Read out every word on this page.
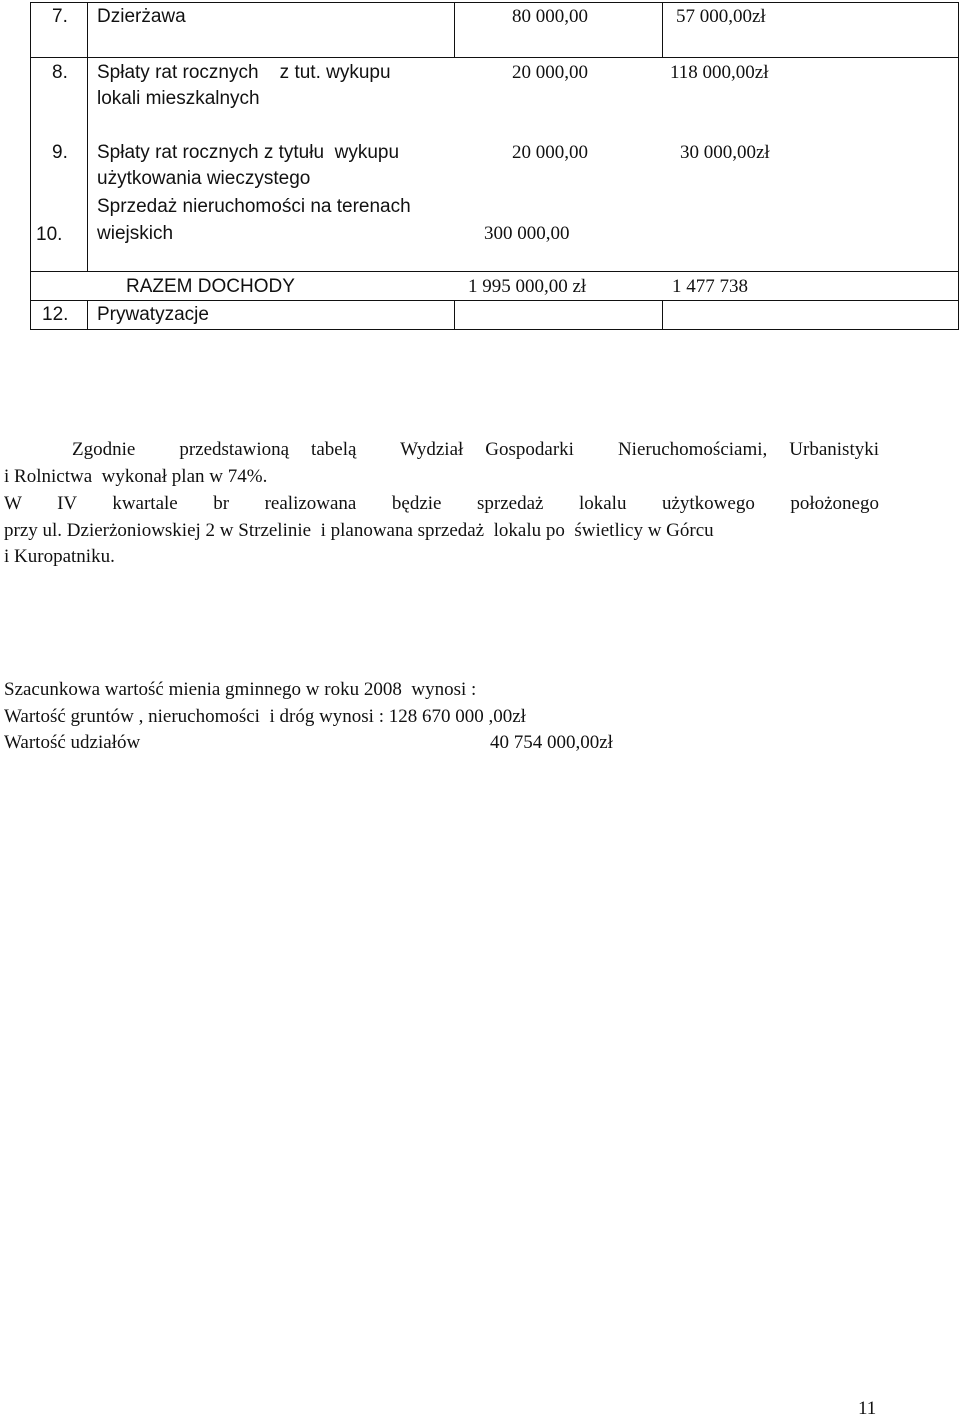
7. Dzierżawa	80 000,00	57 000,00zł
8. Spłaty rat rocznych    z tut. wykupu
lokali mieszkalnych
20 000,00	118 000,00zł
9. Spłaty rat rocznych z tytułu  wykupu
użytkowania wieczystego
20 000,00	30 000,00zł
10.
Sprzedaż nieruchomości na terenach
wiejskich	300 000,00
RAZEM DOCHODY	1 995 000,00 zł	1 477 738
12. Prywatyzacje
Zgodnie  przedstawioną tabelą  Wydział Gospodarki  Nieruchomościami, Urbanistyki
i Rolnictwa  wykonał plan w 74%.
W IV kwartale br realizowana będzie sprzedaż lokalu użytkowego położonego
przy ul. Dzierżoniowskiej 2 w Strzelinie  i planowana sprzedaż  lokalu po  świetlicy w Górcu
i Kuropatniku.
Szacunkowa wartość mienia gminnego w roku 2008  wynosi :
Wartość gruntów , nieruchomości  i dróg wynosi : 128 670 000 ,00zł
Wartość udziałów	40 754 000,00zł
11
